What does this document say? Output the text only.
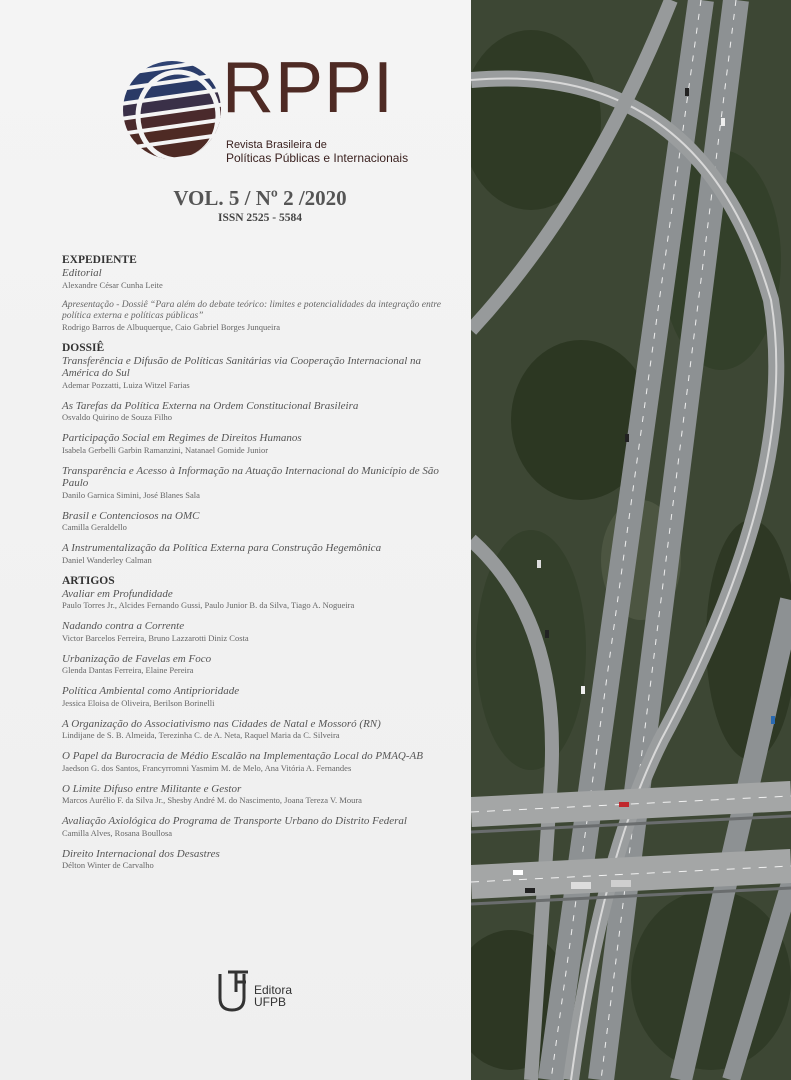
RPPI
Revista Brasileira de
Políticas Públicas e Internacionais
VOL. 5 / Nº 2 /2020
ISSN 2525 - 5584
EXPEDIENTE
Editorial
Alexandre César Cunha Leite
Apresentação - Dossiê “Para além do debate teórico: limites e potencialidades da integração entre política externa e políticas públicas”
Rodrigo Barros de Albuquerque, Caio Gabriel Borges Junqueira
DOSSIÊ
Transferência e Difusão de Políticas Sanitárias via Cooperação Internacional na América do Sul
Ademar Pozzatti, Luiza Witzel Farias
As Tarefas da Política Externa na Ordem Constitucional Brasileira
Osvaldo Quirino de Souza Filho
Participação Social em Regimes de Direitos Humanos
Isabela Gerbelli Garbin Ramanzini, Natanael Gomide Junior
Transparência e Acesso à Informação na Atuação Internacional do Município de São Paulo
Danilo Garnica Simini, José Blanes Sala
Brasil e Contenciosos na OMC
Camilla Geraldello
A Instrumentalização da Política Externa para Construção Hegemônica
Daniel Wanderley Calman
ARTIGOS
Avaliar em Profundidade
Paulo Torres Jr., Alcides Fernando Gussi, Paulo Junior B. da Silva, Tiago A. Nogueira
Nadando contra a Corrente
Victor Barcelos Ferreira, Bruno Lazzarotti Diniz Costa
Urbanização de Favelas em Foco
Glenda Dantas Ferreira, Elaine Pereira
Política Ambiental como Antiprioridade
Jessica Eloisa de Oliveira, Berilson Borinelli
A Organização do Associativismo nas Cidades de Natal e Mossoró (RN)
Lindijane de S. B. Almeida, Terezinha C. de A. Neta, Raquel Maria da C. Silveira
O Papel da Burocracia de Médio Escalão na Implementação Local do PMAQ-AB
Jaedson G. dos Santos, Francyrromni Yasmim M. de Melo, Ana Vitória A. Fernandes
O Limite Difuso entre Militante e Gestor
Marcos Aurélio F. da Silva Jr., Shesby André M. do Nascimento, Joana Tereza V. Moura
Avaliação Axiológica do Programa de Transporte Urbano do Distrito Federal
Camilla Alves, Rosana Boullosa
Direito Internacional dos Desastres
Délton Winter de Carvalho
Editora
UFPB
